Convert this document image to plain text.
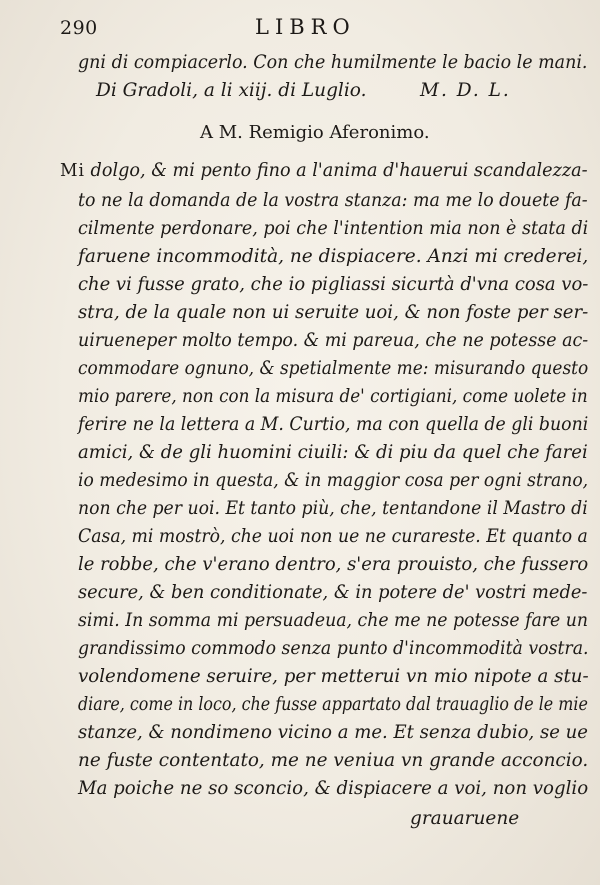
290	LIBRO
gni di compiacerlo. Con che humilmente le bacio le mani.
Di Gradoli, a li xiij. di Luglio.	M. D. L.
A M. Remigio Aferonimo.
Mi dolgo, & mi pento fino a l'anima d'hauerui scandalezza-
to ne la domanda de la vostra stanza: ma me lo douete fa-
cilmente perdonare, poi che l'intention mia non è stata di
faruene incommodità, ne dispiacere. Anzi mi crederei,
che vi fusse grato, che io pigliassi sicurtà d'vna cosa vo-
stra, de la quale non ui seruite uoi, & non foste per ser-
uirueneper molto tempo. & mi pareua, che ne potesse ac-
commodare ognuno, & spetialmente me: misurando questo
mio parere, non con la misura de' cortigiani, come uolete in
ferire ne la lettera a M. Curtio, ma con quella de gli buoni
amici, & de gli huomini ciuili: & di piu da quel che farei
io medesimo in questa, & in maggior cosa per ogni strano,
non che per uoi. Et tanto più, che, tentandone il Mastro di
Casa, mi mostrò, che uoi non ue ne curareste. Et quanto a
le robbe, che v'erano dentro, s'era prouisto, che fussero
secure, & ben conditionate, & in potere de' vostri mede-
simi. In somma mi persuadeua, che me ne potesse fare un
grandissimo commodo senza punto d'incommodità vostra.
volendomene seruire, per metterui vn mio nipote a stu-
diare, come in loco, che fusse appartato dal trauaglio de le mie
stanze, & nondimeno vicino a me. Et senza dubio, se ue
ne fuste contentato, me ne veniua vn grande acconcio.
Ma poiche ne so sconcio, & dispiacere a voi, non voglio
grauaruene
